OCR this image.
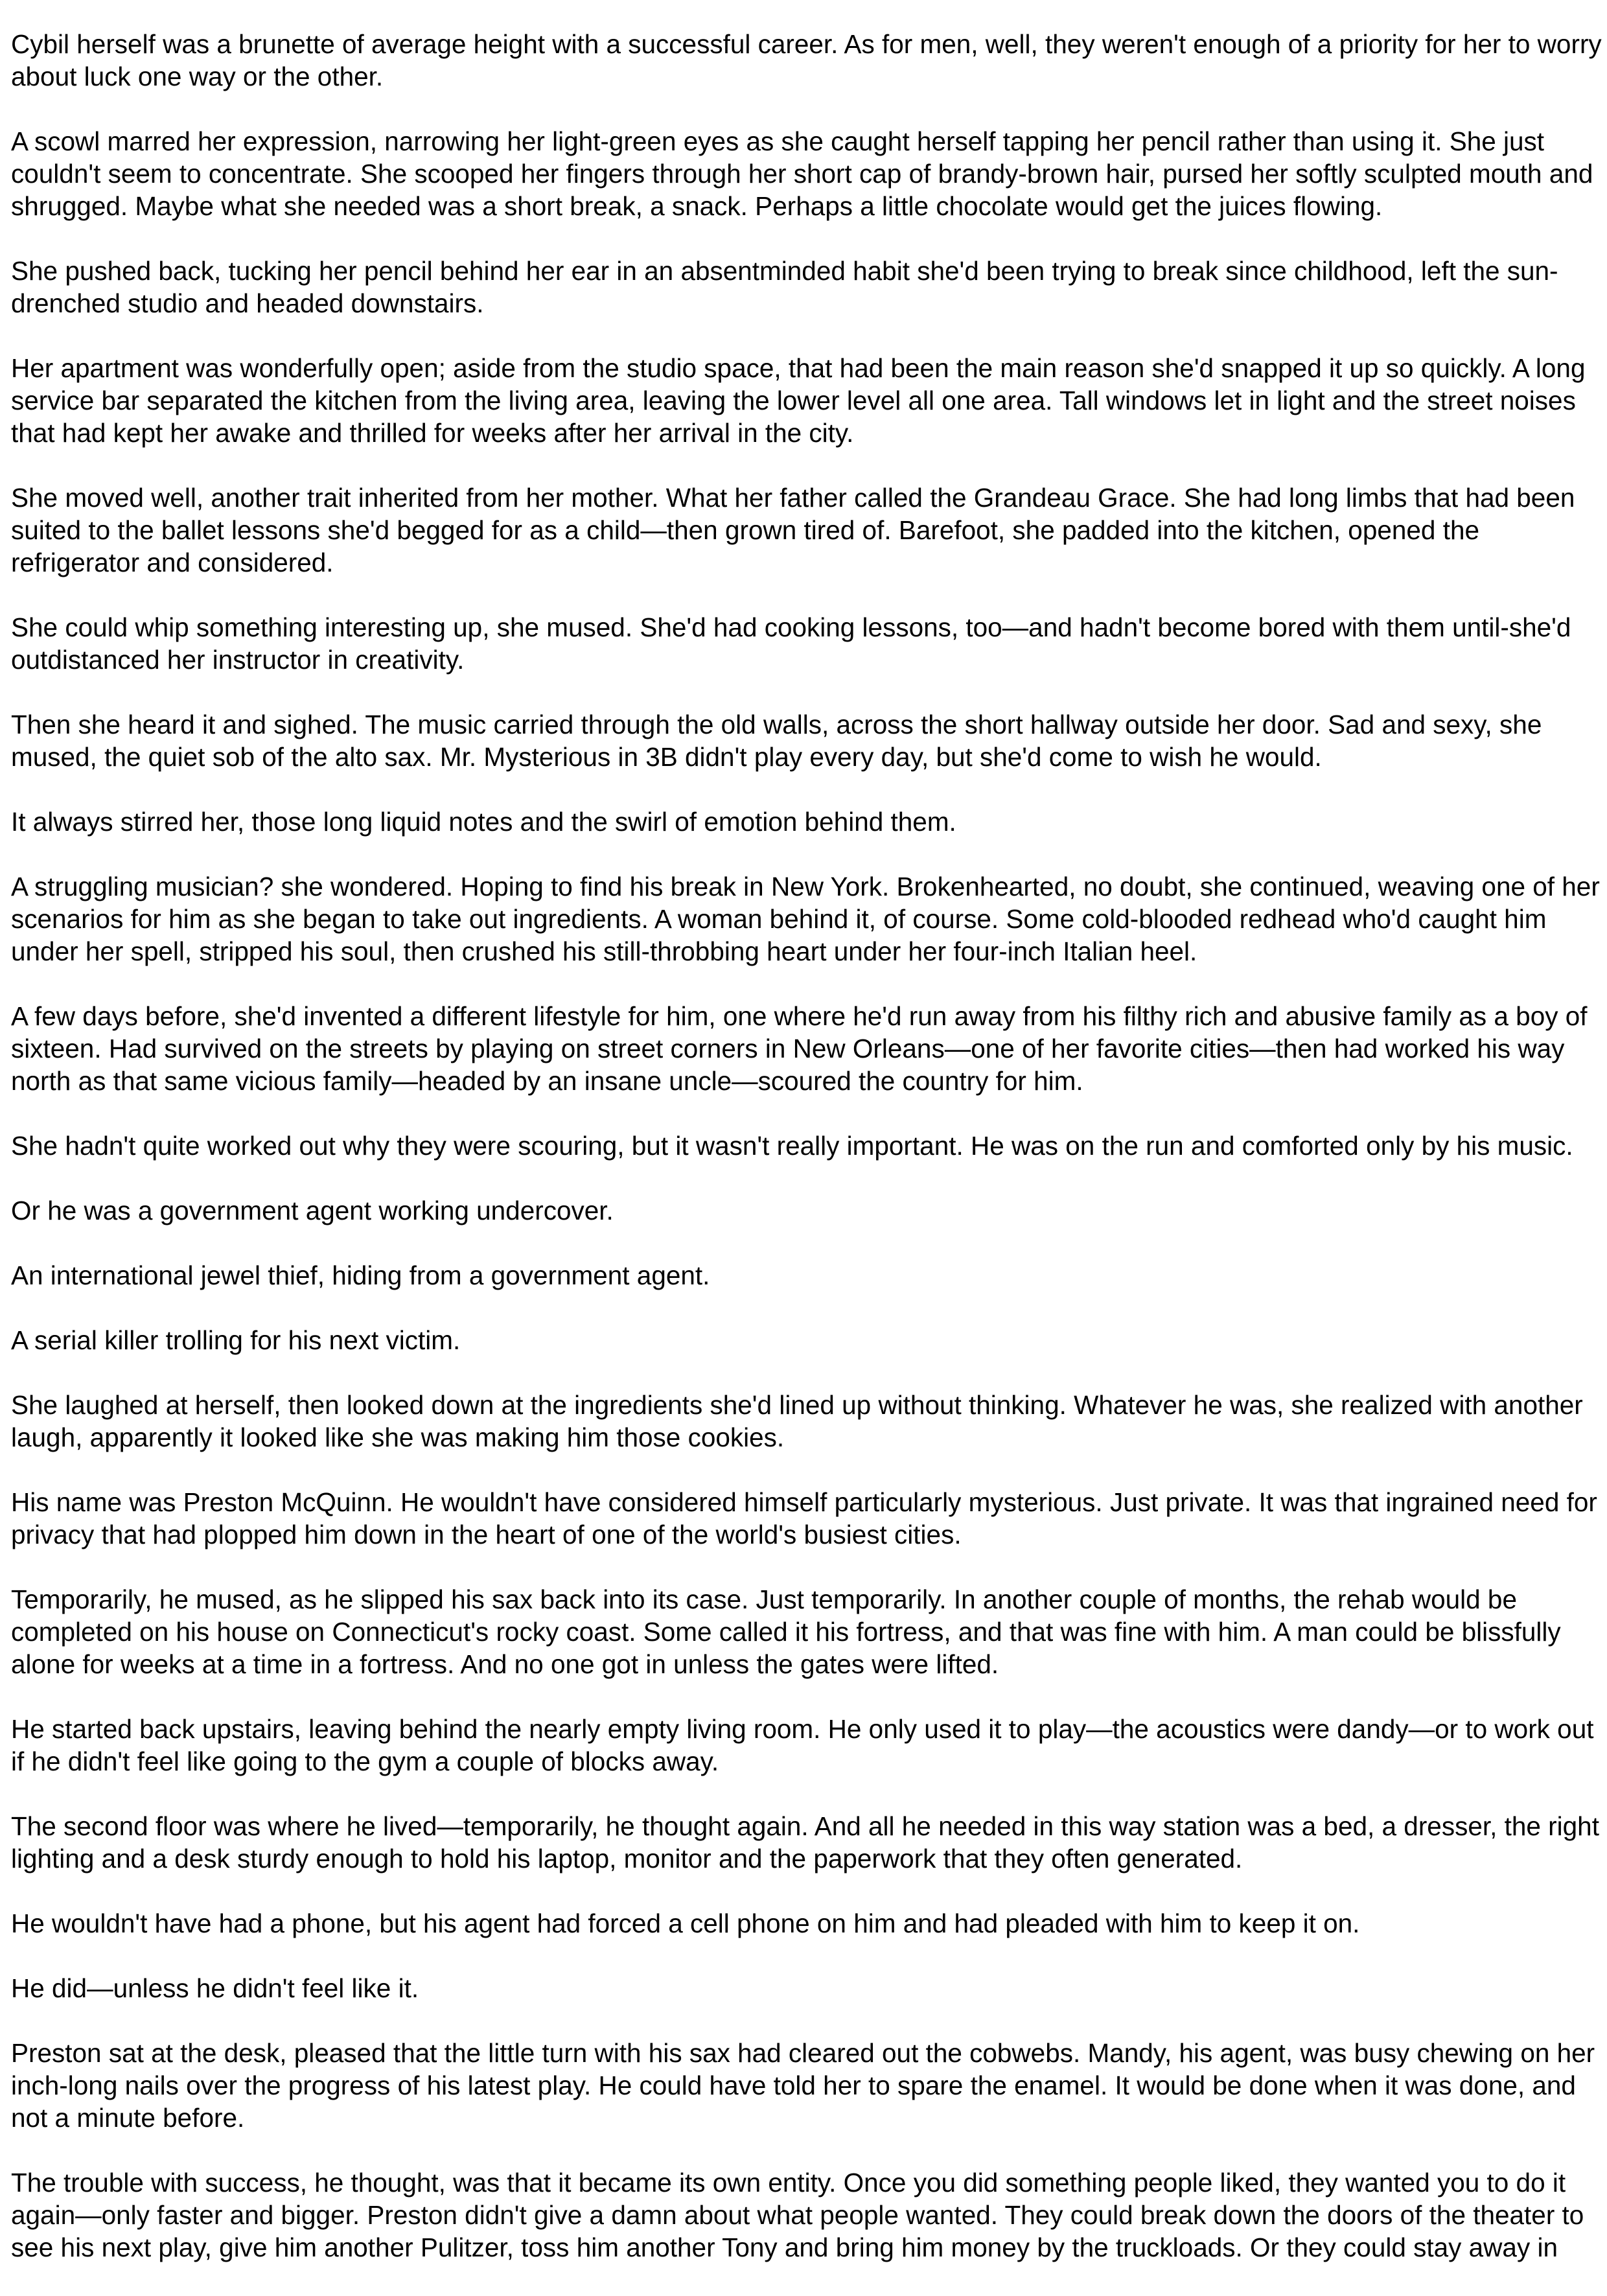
Cybil herself was a brunette of average height with a successful career. As for men, well, they weren't enough of a priority for her to worry about luck one way or the other.

A scowl marred her expression, narrowing her light-green eyes as she caught herself tapping her pencil rather than using it. She just couldn't seem to concentrate. She scooped her fingers through her short cap of brandy-brown hair, pursed her softly sculpted mouth and shrugged. Maybe what she needed was a short break, a snack. Perhaps a little chocolate would get the juices flowing.

She pushed back, tucking her pencil behind her ear in an absentminded habit she'd been trying to break since childhood, left the sun-drenched studio and headed downstairs.

Her apartment was wonderfully open; aside from the studio space, that had been the main reason she'd snapped it up so quickly. A long service bar separated the kitchen from the living area, leaving the lower level all one area. Tall windows let in light and the street noises that had kept her awake and thrilled for weeks after her arrival in the city.

She moved well, another trait inherited from her mother. What her father called the Grandeau Grace. She had long limbs that had been suited to the ballet lessons she'd begged for as a child—then grown tired of. Barefoot, she padded into the kitchen, opened the refrigerator and considered.

She could whip something interesting up, she mused. She'd had cooking lessons, too—and hadn't become bored with them until-she'd outdistanced her instructor in creativity.

Then she heard it and sighed. The music carried through the old walls, across the short hallway outside her door. Sad and sexy, she mused, the quiet sob of the alto sax. Mr. Mysterious in 3B didn't play every day, but she'd come to wish he would.

It always stirred her, those long liquid notes and the swirl of emotion behind them.

A struggling musician? she wondered. Hoping to find his break in New York. Brokenhearted, no doubt, she continued, weaving one of her scenarios for him as she began to take out ingredients. A woman behind it, of course. Some cold-blooded redhead who'd caught him under her spell, stripped his soul, then crushed his still-throbbing heart under her four-inch Italian heel.

A few days before, she'd invented a different lifestyle for him, one where he'd run away from his filthy rich and abusive family as a boy of sixteen. Had survived on the streets by playing on street corners in New Orleans—one of her favorite cities—then had worked his way north as that same vicious family—headed by an insane uncle—scoured the country for him.

She hadn't quite worked out why they were scouring, but it wasn't really important. He was on the run and comforted only by his music.

Or he was a government agent working undercover.

An international jewel thief, hiding from a government agent.

A serial killer trolling for his next victim.

She laughed at herself, then looked down at the ingredients she'd lined up without thinking. Whatever he was, she realized with another laugh, apparently it looked like she was making him those cookies.

His name was Preston McQuinn. He wouldn't have considered himself particularly mysterious. Just private. It was that ingrained need for privacy that had plopped him down in the heart of one of the world's busiest cities.

Temporarily, he mused, as he slipped his sax back into its case. Just temporarily. In another couple of months, the rehab would be completed on his house on Connecticut's rocky coast. Some called it his fortress, and that was fine with him. A man could be blissfully alone for weeks at a time in a fortress. And no one got in unless the gates were lifted.

He started back upstairs, leaving behind the nearly empty living room. He only used it to play—the acoustics were dandy—or to work out if he didn't feel like going to the gym a couple of blocks away.

The second floor was where he lived—temporarily, he thought again. And all he needed in this way station was a bed, a dresser, the right lighting and a desk sturdy enough to hold his laptop, monitor and the paperwork that they often generated.

He wouldn't have had a phone, but his agent had forced a cell phone on him and had pleaded with him to keep it on.

He did—unless he didn't feel like it.

Preston sat at the desk, pleased that the little turn with his sax had cleared out the cobwebs. Mandy, his agent, was busy chewing on her inch-long nails over the progress of his latest play. He could have told her to spare the enamel. It would be done when it was done, and not a minute before.

The trouble with success, he thought, was that it became its own entity. Once you did something people liked, they wanted you to do it again—only faster and bigger. Preston didn't give a damn about what people wanted. They could break down the doors of the theater to see his next play, give him another Pulitzer, toss him another Tony and bring him money by the truckloads. Or they could stay away in
